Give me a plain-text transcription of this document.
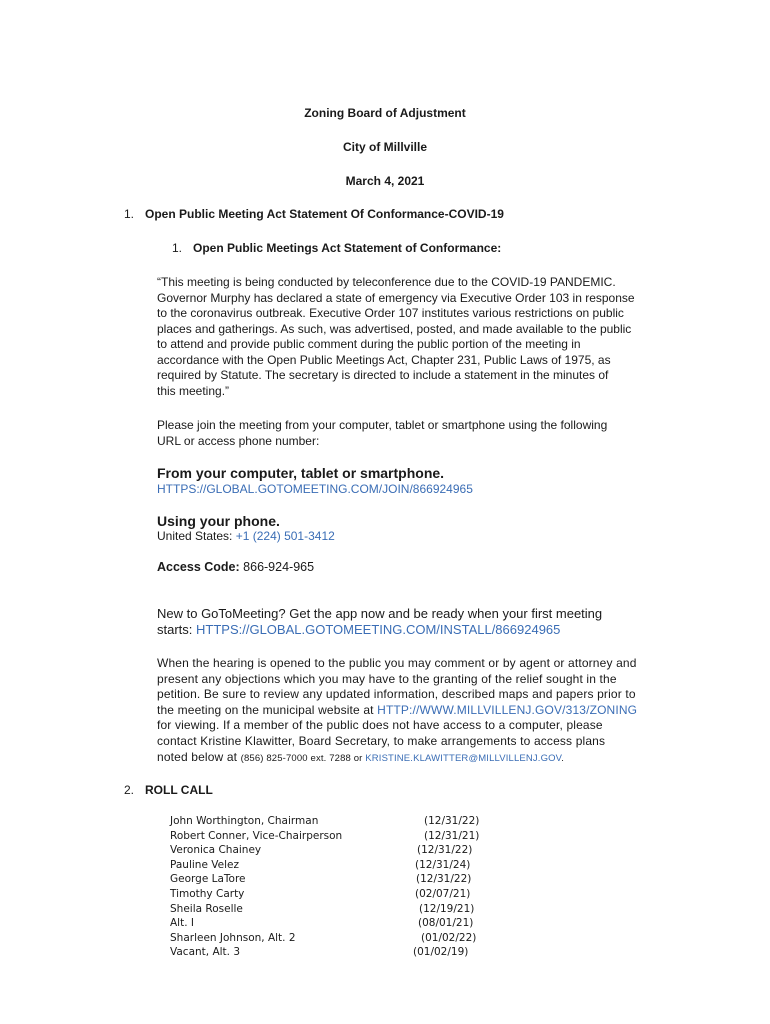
Zoning Board of Adjustment
City of Millville
March 4, 2021
1. Open Public Meeting Act Statement Of Conformance-COVID-19
1. Open Public Meetings Act Statement of Conformance:
“This meeting is being conducted by teleconference due to the COVID-19 PANDEMIC.
Governor Murphy has declared a state of emergency via Executive Order 103 in response
to the coronavirus outbreak. Executive Order 107 institutes various restrictions on public
places and gatherings. As such, was advertised, posted, and made available to the public
to attend and provide public comment during the public portion of the meeting in
accordance with the Open Public Meetings Act, Chapter 231, Public Laws of 1975, as
required by Statute. The secretary is directed to include a statement in the minutes of
this meeting.”
Please join the meeting from your computer, tablet or smartphone using the following
URL or access phone number:
From your computer, tablet or smartphone.
HTTPS://GLOBAL.GOTOMEETING.COM/JOIN/866924965
Using your phone.
United States: +1 (224) 501-3412
Access Code: 866-924-965
New to GoToMeeting? Get the app now and be ready when your first meeting
starts: HTTPS://GLOBAL.GOTOMEETING.COM/INSTALL/866924965
When the hearing is opened to the public you may comment or by agent or attorney and
present any objections which you may have to the granting of the relief sought in the
petition. Be sure to review any updated information, described maps and papers prior to
the meeting on the municipal website at HTTP://WWW.MILLVILLENJ.GOV/313/ZONING
for viewing. If a member of the public does not have access to a computer, please
contact Kristine Klawitter, Board Secretary, to make arrangements to access plans
noted below at (856) 825-7000 ext. 7288 or KRISTINE.KLAWITTER@MILLVILLENJ.GOV.
2. ROLL CALL
John Worthington, Chairman	(12/31/22)
Robert Conner, Vice-Chairperson	(12/31/21)
Veronica Chainey	(12/31/22)
Pauline Velez	(12/31/24)
George LaTore	(12/31/22)
Timothy Carty	(02/07/21)
Sheila Roselle	(12/19/21)
Alt. I	(08/01/21)
Sharleen Johnson, Alt. 2	(01/02/22)
Vacant, Alt. 3	(01/02/19)
